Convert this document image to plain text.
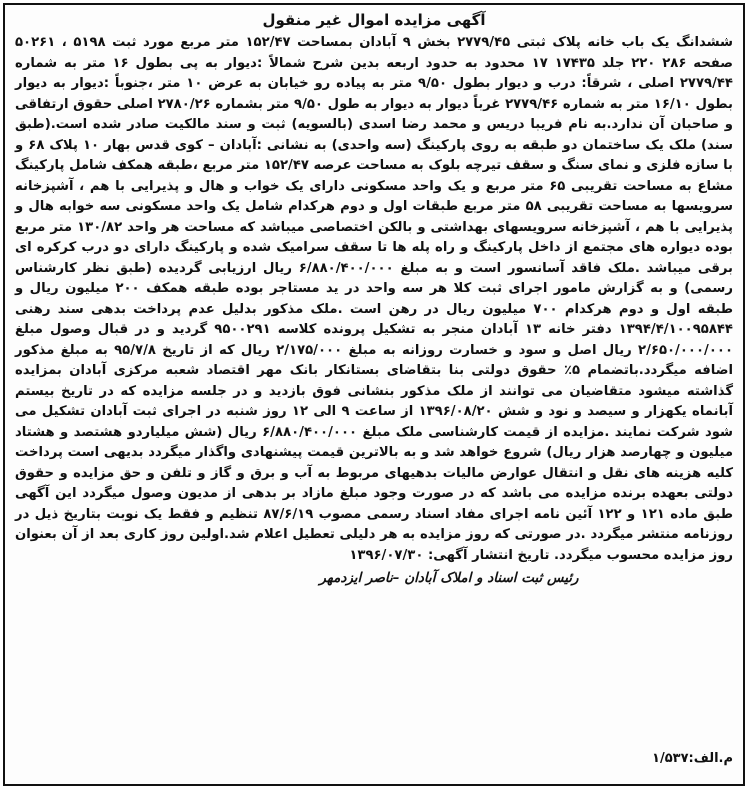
آگهی مزایده اموال غیر منقول

ششدانگ یک باب خانه پلاک ثبتی ۲۷۷۹/۴۵ بخش ۹ آبادان بمساحت ۱۵۲/۴۷ متر مربع مورد ثبت ۵۱۹۸ ، ۵۰۲۶۱ صفحه ۲۸۶ ۲۲۰ جلد ۱۷۴۳۵ ۱۷ محدود به حدود اربعه بدین شرح شمالاً :دیوار به پی بطول ۱۶ متر به شماره ۲۷۷۹/۴۴ اصلی ، شرقاً: درب و دیوار بطول ۹/۵۰ متر به پیاده رو خیابان به عرض ۱۰ متر ،جنوباً :دیوار به دیوار بطول ۱۶/۱۰ متر به شماره ۲۷۷۹/۴۶ غرباً دیوار به دیوار به طول ۹/۵۰ متر بشماره ۲۷۸۰/۲۶ اصلی حقوق ارتفاقی و صاحبان آن ندارد.به نام فریبا دریس و محمد رضا اسدی (بالسویه) ثبت و سند مالکیت صادر شده است.(طبق سند) ملک یک ساختمان دو طبقه به روی پارکینگ (سه واحدی) به نشانی :آبادان – کوی قدس بهار ۱۰ پلاک ۶۸ و با سازه فلزی و نمای سنگ و سقف تیرچه بلوک به مساحت عرصه ۱۵۲/۴۷ متر مربع ،طبقه همکف شامل پارکینگ مشاع به مساحت تقریبی ۶۵ متر مربع و یک واحد مسکونی دارای یک خواب و هال و پذیرایی با هم ، آشپزخانه سرویسها به مساحت تقریبی ۵۸ متر مربع طبقات اول و دوم هرکدام شامل یک واحد مسکونی سه خوابه هال و پذیرایی با هم ، آشپزخانه سرویسهای بهداشتی و بالکن اختصاصی میباشد که مساحت هر واحد ۱۳۰/۸۲ متر مربع بوده دیواره های مجتمع از داخل پارکینگ و راه پله ها تا سقف سرامیک شده و پارکینگ دارای دو درب کرکره ای برقی میباشد .ملک فاقد آسانسور است و به مبلغ ۶/۸۸۰/۴۰۰/۰۰۰ ریال ارزیابی گردیده (طبق نظر کارشناس رسمی) و به گزارش مامور اجرای ثبت کلا هر سه واحد در ید مستاجر بوده طبقه همکف ۲۰۰ میلیون ریال و طبقه اول و دوم هرکدام ۷۰۰ میلیون ریال در رهن است .ملک مذکور بدلیل عدم پرداخت بدهی سند رهنی ۱۳۹۴/۴/۱۰۰۹۵۸۴۴ دفتر خانه ۱۳ آبادان منجر به تشکیل پرونده کلاسه ۹۵۰۰۲۹۱ گردید و در قبال وصول مبلغ ۲/۶۵۰/۰۰۰/۰۰۰ ریال اصل و سود و خسارت روزانه به مبلغ ۲/۱۷۵/۰۰۰ ریال که از تاریخ ۹۵/۷/۸ به مبلغ مذکور اضافه میگردد.باتضمام ۵٪ حقوق دولتی بنا بتقاضای بستانکار بانک مهر اقتصاد شعبه مرکزی آبادان بمزایده گذاشته میشود متقاضیان می توانند از ملک مذکور بنشانی فوق بازدید و در جلسه مزایده که در تاریخ بیستم آبانماه یکهزار و سیصد و نود و شش ۱۳۹۶/۰۸/۲۰ از ساعت ۹ الی ۱۲ روز شنبه در اجرای ثبت آبادان تشکیل می شود شرکت نمایند .مزایده از قیمت کارشناسی ملک مبلغ ۶/۸۸۰/۴۰۰/۰۰۰ ریال (شش میلیاردو هشتصد و هشتاد میلیون و چهارصد هزار ریال) شروع خواهد شد و به بالاترین قیمت پیشنهادی واگذار میگردد بدیهی است پرداخت کلیه هزینه های نقل و انتقال عوارض مالیات بدهیهای مربوط به آب و برق و گاز و تلفن و حق مزایده و حقوق دولتی بعهده برنده مزایده می باشد که در صورت وجود مبلغ مازاد بر بدهی از مدیون وصول میگردد این آگهی طبق ماده ۱۲۱ و ۱۲۲ آئین نامه اجرای مفاد اسناد رسمی مصوب ۸۷/۶/۱۹ تنظیم و فقط یک نوبت بتاریخ ذیل در روزنامه منتشر میگردد .در صورتی که روز مزایده به هر دلیلی تعطیل اعلام شد.اولین روز کاری بعد از آن بعنوان روز مزایده محسوب میگردد. تاریخ انتشار آگهی: ۱۳۹۶/۰۷/۳۰

رئیس ثبت اسناد و املاک آبادان –ناصر ایزدمهر
م.الف:۱/۵۳۷
